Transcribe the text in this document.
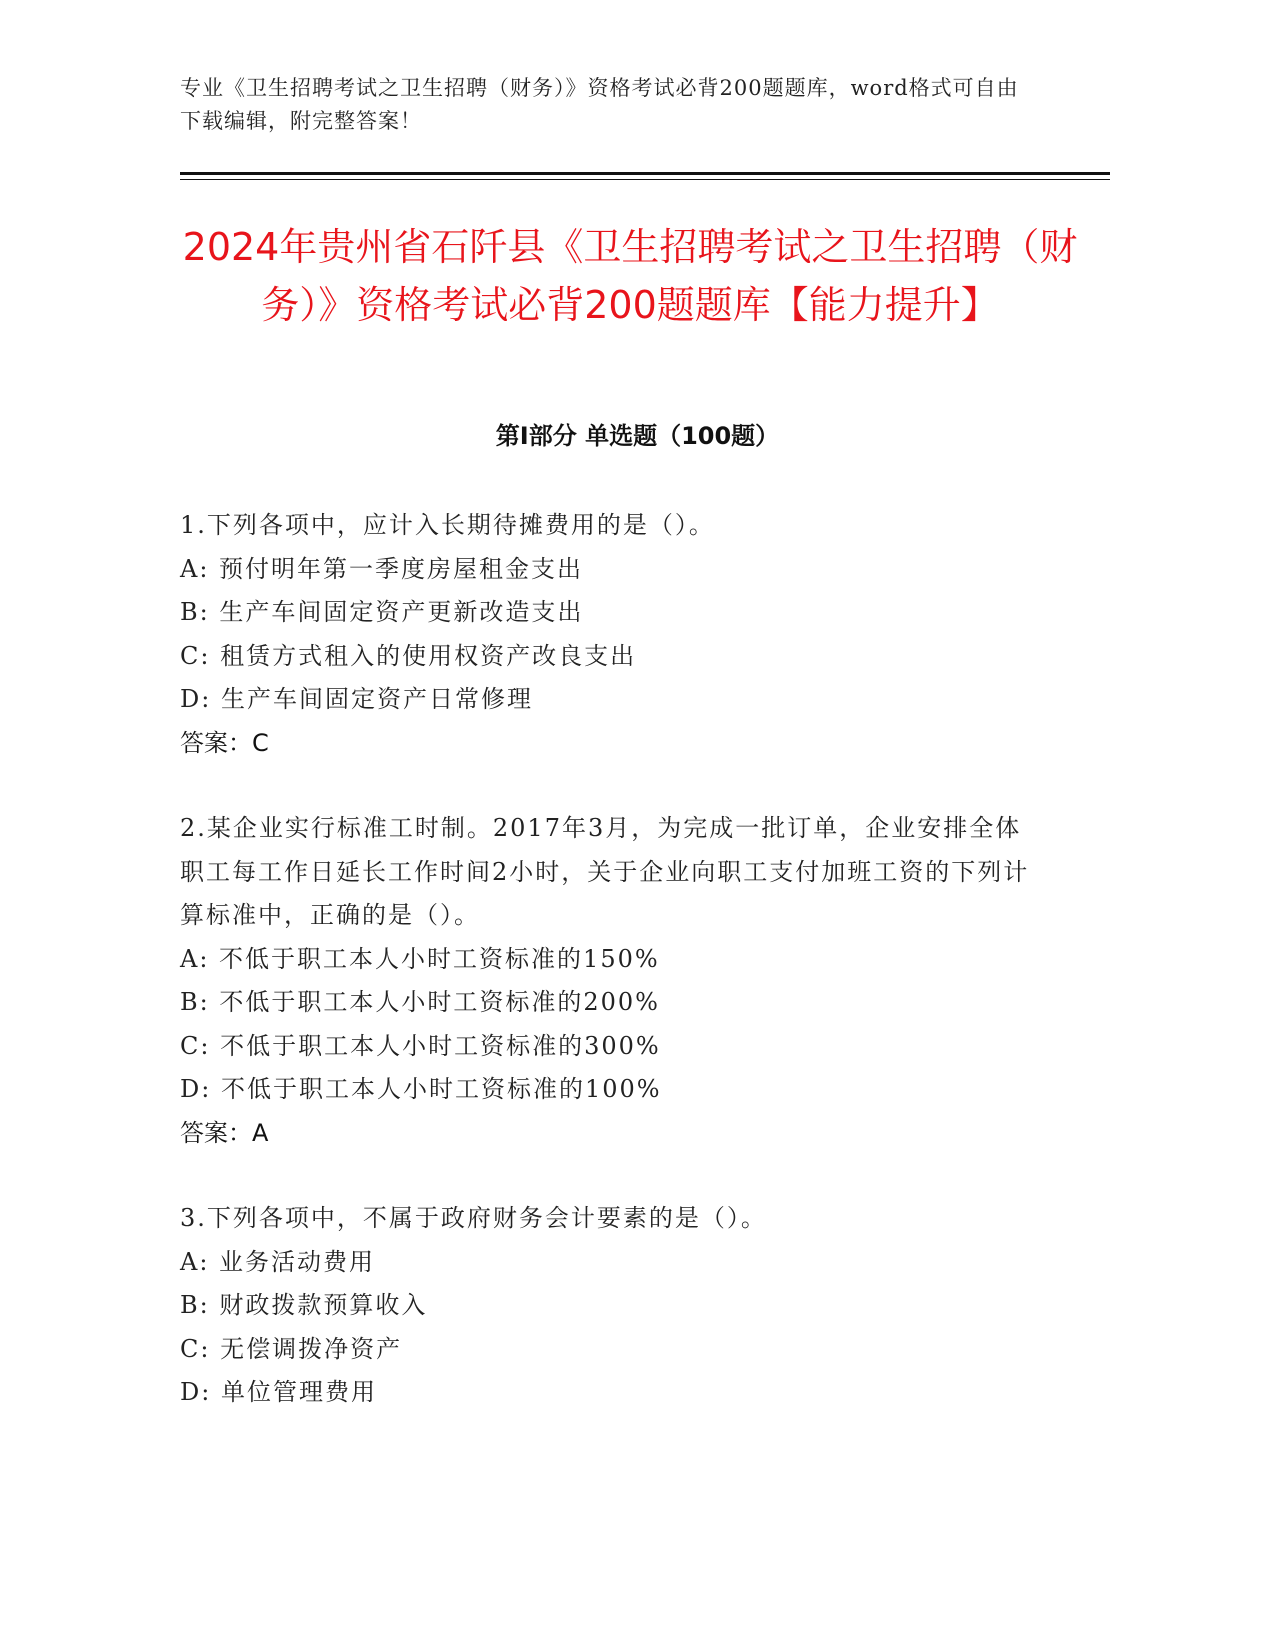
专业《卫生招聘考试之卫生招聘（财务）》资格考试必背200题题库，word格式可自由下载编辑，附完整答案！
2024年贵州省石阡县《卫生招聘考试之卫生招聘（财务）》资格考试必背200题题库【能力提升】
第I部分 单选题（100题）
1.下列各项中，应计入长期待摊费用的是（）。
A: 预付明年第一季度房屋租金支出
B: 生产车间固定资产更新改造支出
C: 租赁方式租入的使用权资产改良支出
D: 生产车间固定资产日常修理
答案：C
2.某企业实行标准工时制。2017年3月，为完成一批订单，企业安排全体职工每工作日延长工作时间2小时，关于企业向职工支付加班工资的下列计算标准中，正确的是（）。
A: 不低于职工本人小时工资标准的150%
B: 不低于职工本人小时工资标准的200%
C: 不低于职工本人小时工资标准的300%
D: 不低于职工本人小时工资标准的100%
答案：A
3.下列各项中，不属于政府财务会计要素的是（）。
A: 业务活动费用
B: 财政拨款预算收入
C: 无偿调拨净资产
D: 单位管理费用
